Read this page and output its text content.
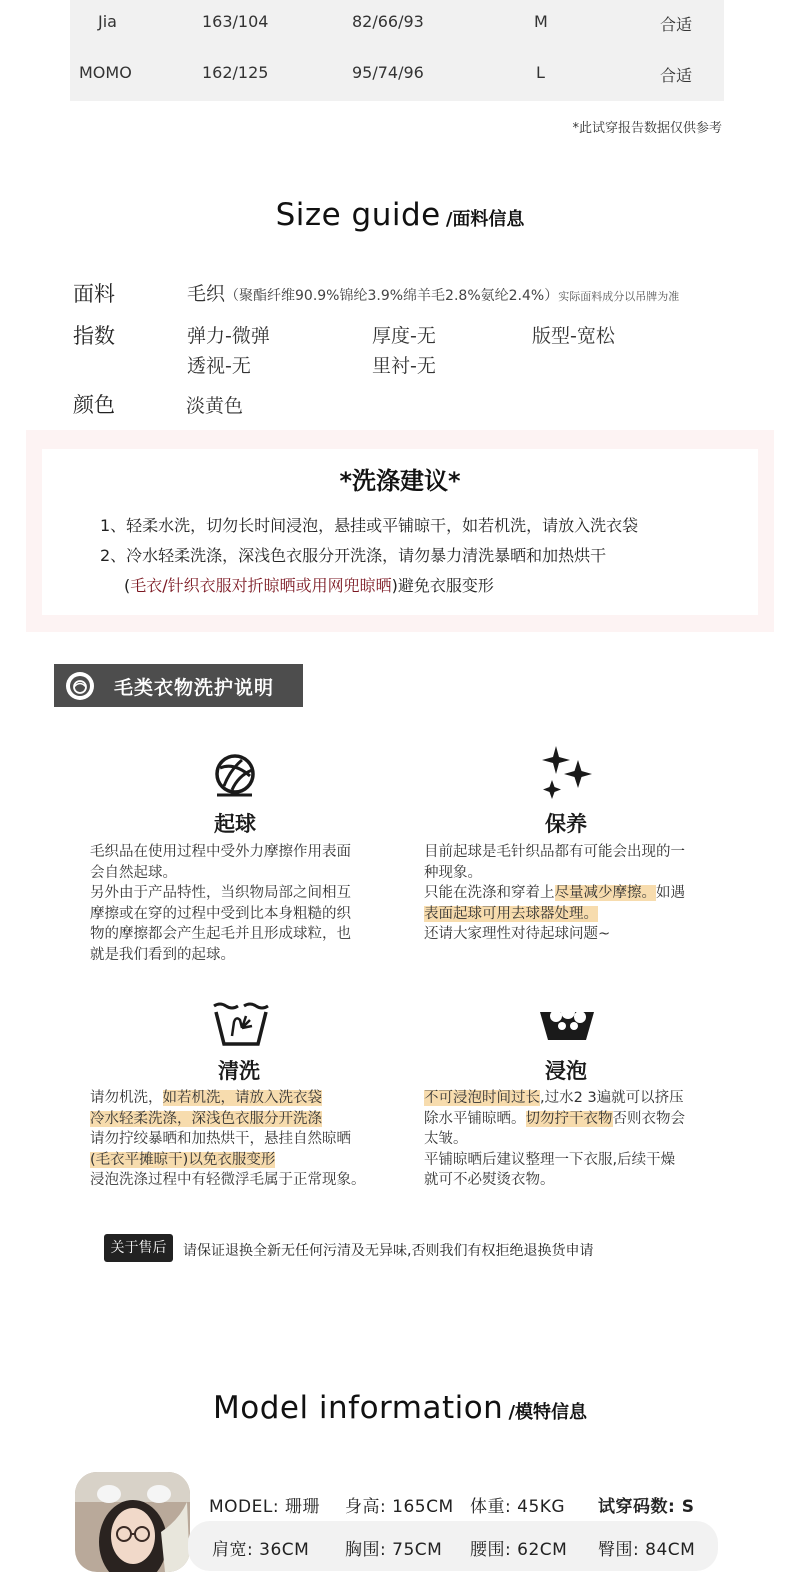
Jia	163/104	82/66/93	M	合适
MOMO	162/125	95/74/96	L	合适
*此试穿报告数据仅供参考
Size guide /面料信息
面料	毛织（聚酯纤维90.9%锦纶3.9%绵羊毛2.8%氨纶2.4%）实际面料成分以吊牌为准
指数	弹力-微弹	厚度-无	版型-宽松
透视-无	里衬-无
颜色	淡黄色
*洗涤建议*
1、轻柔水洗，切勿长时间浸泡，悬挂或平铺晾干，如若机洗，请放入洗衣袋
2、冷水轻柔洗涤，深浅色衣服分开洗涤，请勿暴力清洗暴晒和加热烘干
(毛衣/针织衣服对折晾晒或用网兜晾晒)避免衣服变形
毛类衣物洗护说明
起球
毛织品在使用过程中受外力摩擦作用表面
会自然起球。
另外由于产品特性，当织物局部之间相互
摩擦或在穿的过程中受到比本身粗糙的织
物的摩擦都会产生起毛并且形成球粒，也
就是我们看到的起球。
保养
目前起球是毛针织品都有可能会出现的一
种现象。
只能在洗涤和穿着上尽量减少摩擦。如遇
表面起球可用去球器处理。
还请大家理性对待起球问题~
清洗
请勿机洗，如若机洗，请放入洗衣袋
冷水轻柔洗涤，深浅色衣服分开洗涤
请勿拧绞暴晒和加热烘干，悬挂自然晾晒
(毛衣平摊晾干)以免衣服变形
浸泡洗涤过程中有轻微浮毛属于正常现象。
浸泡
不可浸泡时间过长,过水2 3遍就可以挤压
除水平铺晾晒。切勿拧干衣物否则衣物会
太皱。
平铺晾晒后建议整理一下衣服,后续干燥
就可不必熨烫衣物。
关于售后	请保证退换全新无任何污清及无异味,否则我们有权拒绝退换货申请
Model information /模特信息
MODEL: 珊珊 身高: 165CM 体重: 45KG 试穿码数: S
肩宽: 36CM 胸围: 75CM 腰围: 62CM 臀围: 84CM
